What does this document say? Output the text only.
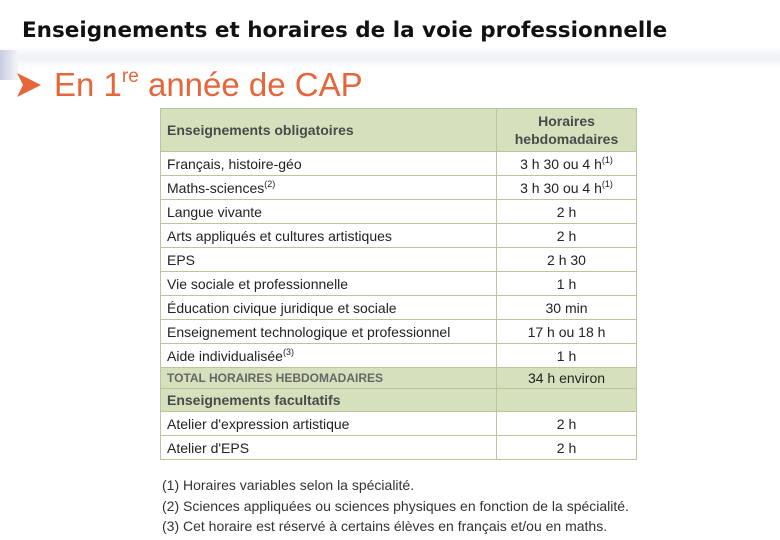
Enseignements et horaires de la voie professionnelle
En 1re année de CAP
Enseignements obligatoires	Horaires
hebdomadaires
Français, histoire-géo	3 h 30 ou 4 $h^{(1)}$
Maths-sciences$^{(2)}$	3 h 30 ou 4 $h^{(1)}$
Langue vivante	2 h
Arts appliqués et cultures artistiques	2 h
EPS	2 h 30
Vie sociale et professionnelle	1 h
Éducation civique juridique et sociale	30 min
Enseignement technologique et professionnel	17 h ou 18 h
Aide individualisée$^{(3)}$	1 h
TOTAL HORAIRES HEBDOMADAIRES	34 h environ
Enseignements facultatifs	
Atelier d'expression artistique	2 h
Atelier d'EPS	2 h
(1) Horaires variables selon la spécialité.
(2) Sciences appliquées ou sciences physiques en fonction de la spécialité.
(3) Cet horaire est réservé à certains élèves en français et/ou en maths.
